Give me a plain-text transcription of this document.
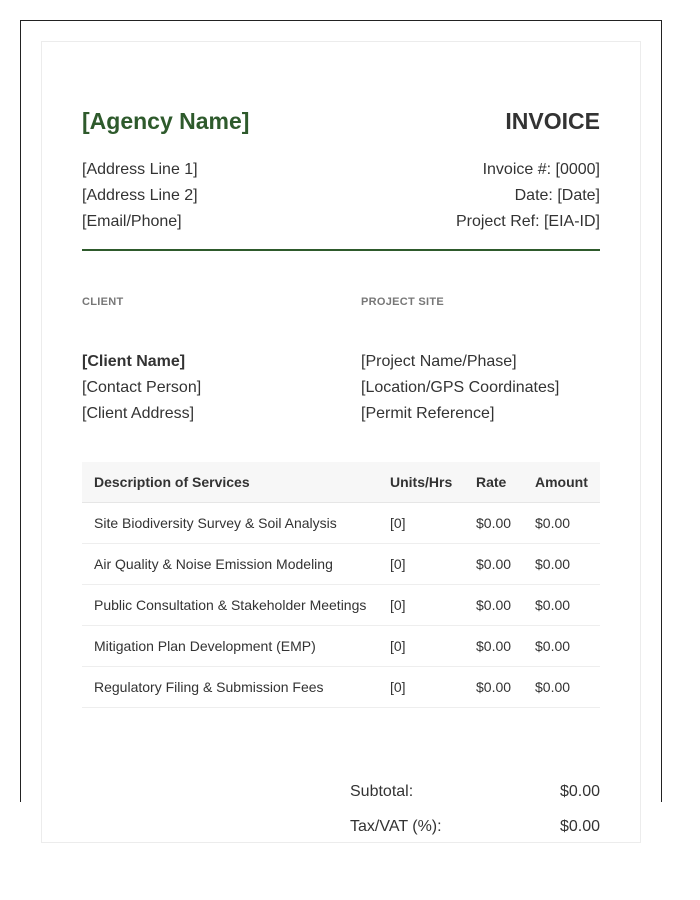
[Agency Name]	INVOICE
[Address Line 1]
[Address Line 2]
[Email/Phone]
Invoice #: [0000]
Date: [Date]
Project Ref: [EIA-ID]
CLIENT
[Client Name]
[Contact Person]
[Client Address]
PROJECT SITE
[Project Name/Phase]
[Location/GPS Coordinates]
[Permit Reference]
Description of Services	Units/Hrs	Rate	Amount
Site Biodiversity Survey & Soil Analysis	[0]	$0.00	$0.00
Air Quality & Noise Emission Modeling	[0]	$0.00	$0.00
Public Consultation & Stakeholder Meetings	[0]	$0.00	$0.00
Mitigation Plan Development (EMP)	[0]	$0.00	$0.00
Regulatory Filing & Submission Fees	[0]	$0.00	$0.00
Subtotal:	$0.00
Tax/VAT (%):	$0.00
